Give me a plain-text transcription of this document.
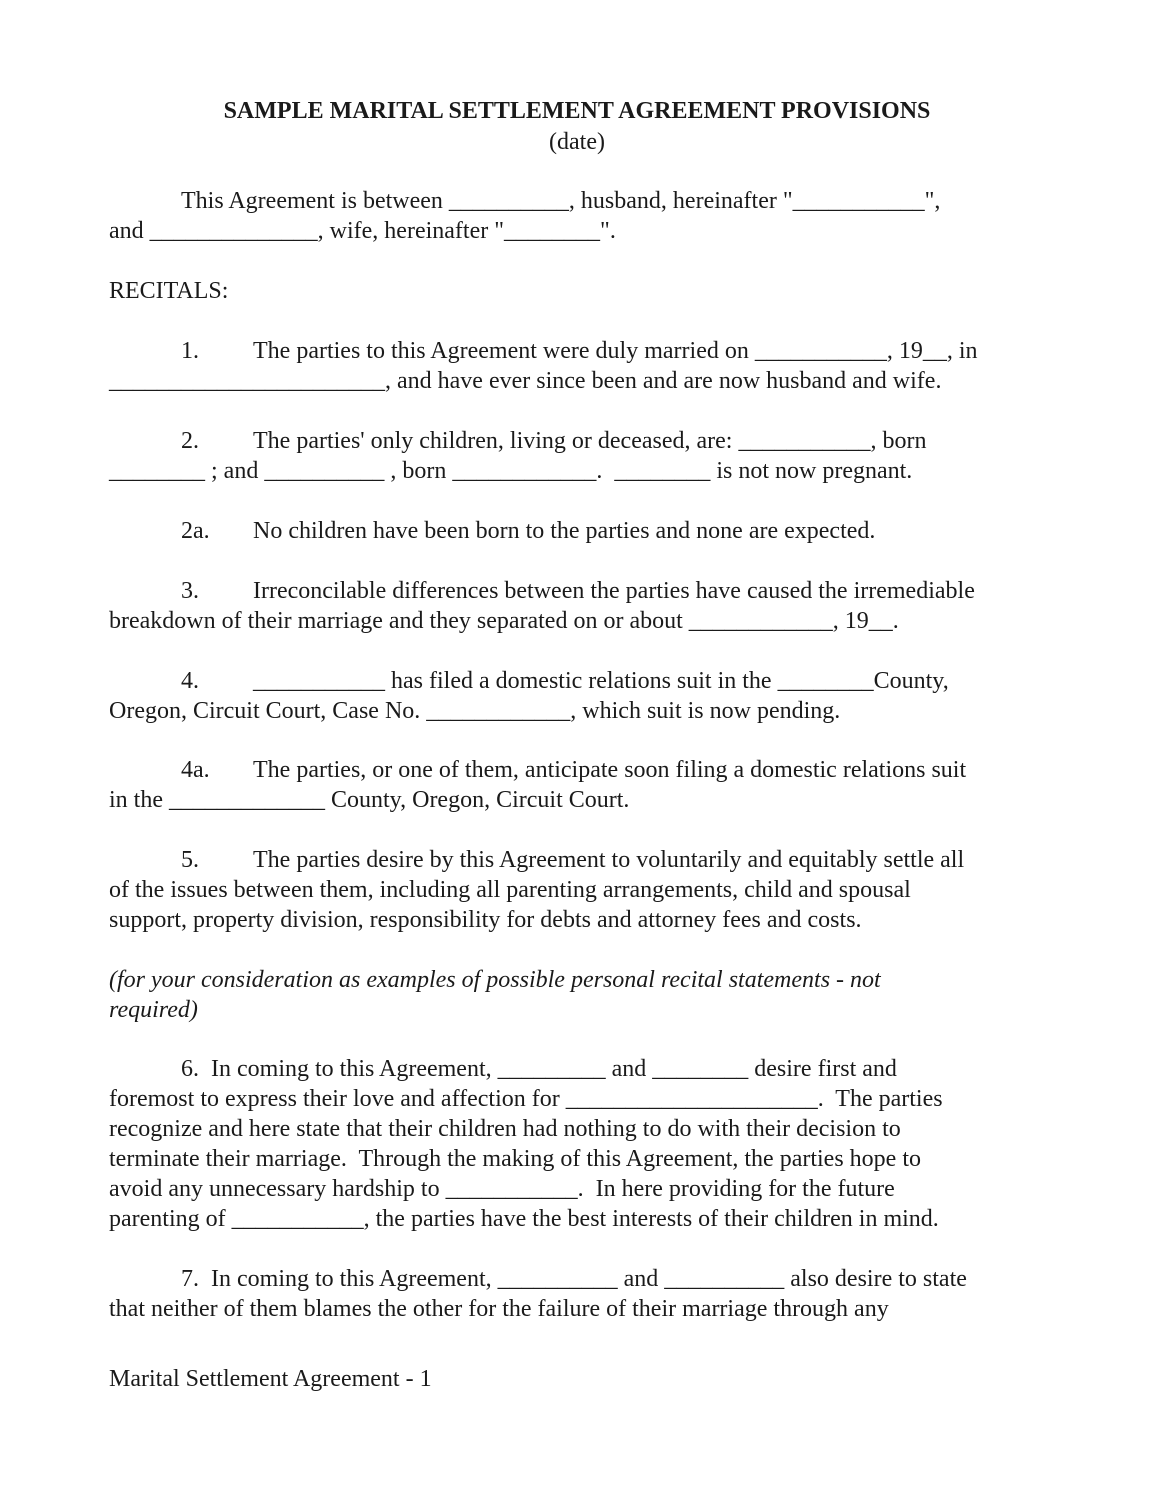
SAMPLE MARITAL SETTLEMENT AGREEMENT PROVISIONS
(date)
This Agreement is between __________, husband, hereinafter "___________",
and ______________, wife, hereinafter "________".
RECITALS:
1. The parties to this Agreement were duly married on ___________, 19__, in
_______________________, and have ever since been and are now husband and wife.
2. The parties' only children, living or deceased, are: ___________, born
________ ; and __________ , born ____________.  ________ is not now pregnant.
2a. No children have been born to the parties and none are expected.
3. Irreconcilable differences between the parties have caused the irremediable
breakdown of their marriage and they separated on or about ____________, 19__.
4. ___________ has filed a domestic relations suit in the ________County,
Oregon, Circuit Court, Case No. ____________, which suit is now pending.
4a. The parties, or one of them, anticipate soon filing a domestic relations suit
in the _____________ County, Oregon, Circuit Court.
5. The parties desire by this Agreement to voluntarily and equitably settle all
of the issues between them, including all parenting arrangements, child and spousal
support, property division, responsibility for debts and attorney fees and costs.
(for your consideration as examples of possible personal recital statements - not
required)
6.  In coming to this Agreement, _________ and ________ desire first and
foremost to express their love and affection for _____________________.  The parties
recognize and here state that their children had nothing to do with their decision to
terminate their marriage.  Through the making of this Agreement, the parties hope to
avoid any unnecessary hardship to ___________.  In here providing for the future
parenting of ___________, the parties have the best interests of their children in mind.
7.  In coming to this Agreement, __________ and __________ also desire to state
that neither of them blames the other for the failure of their marriage through any
Marital Settlement Agreement - 1
